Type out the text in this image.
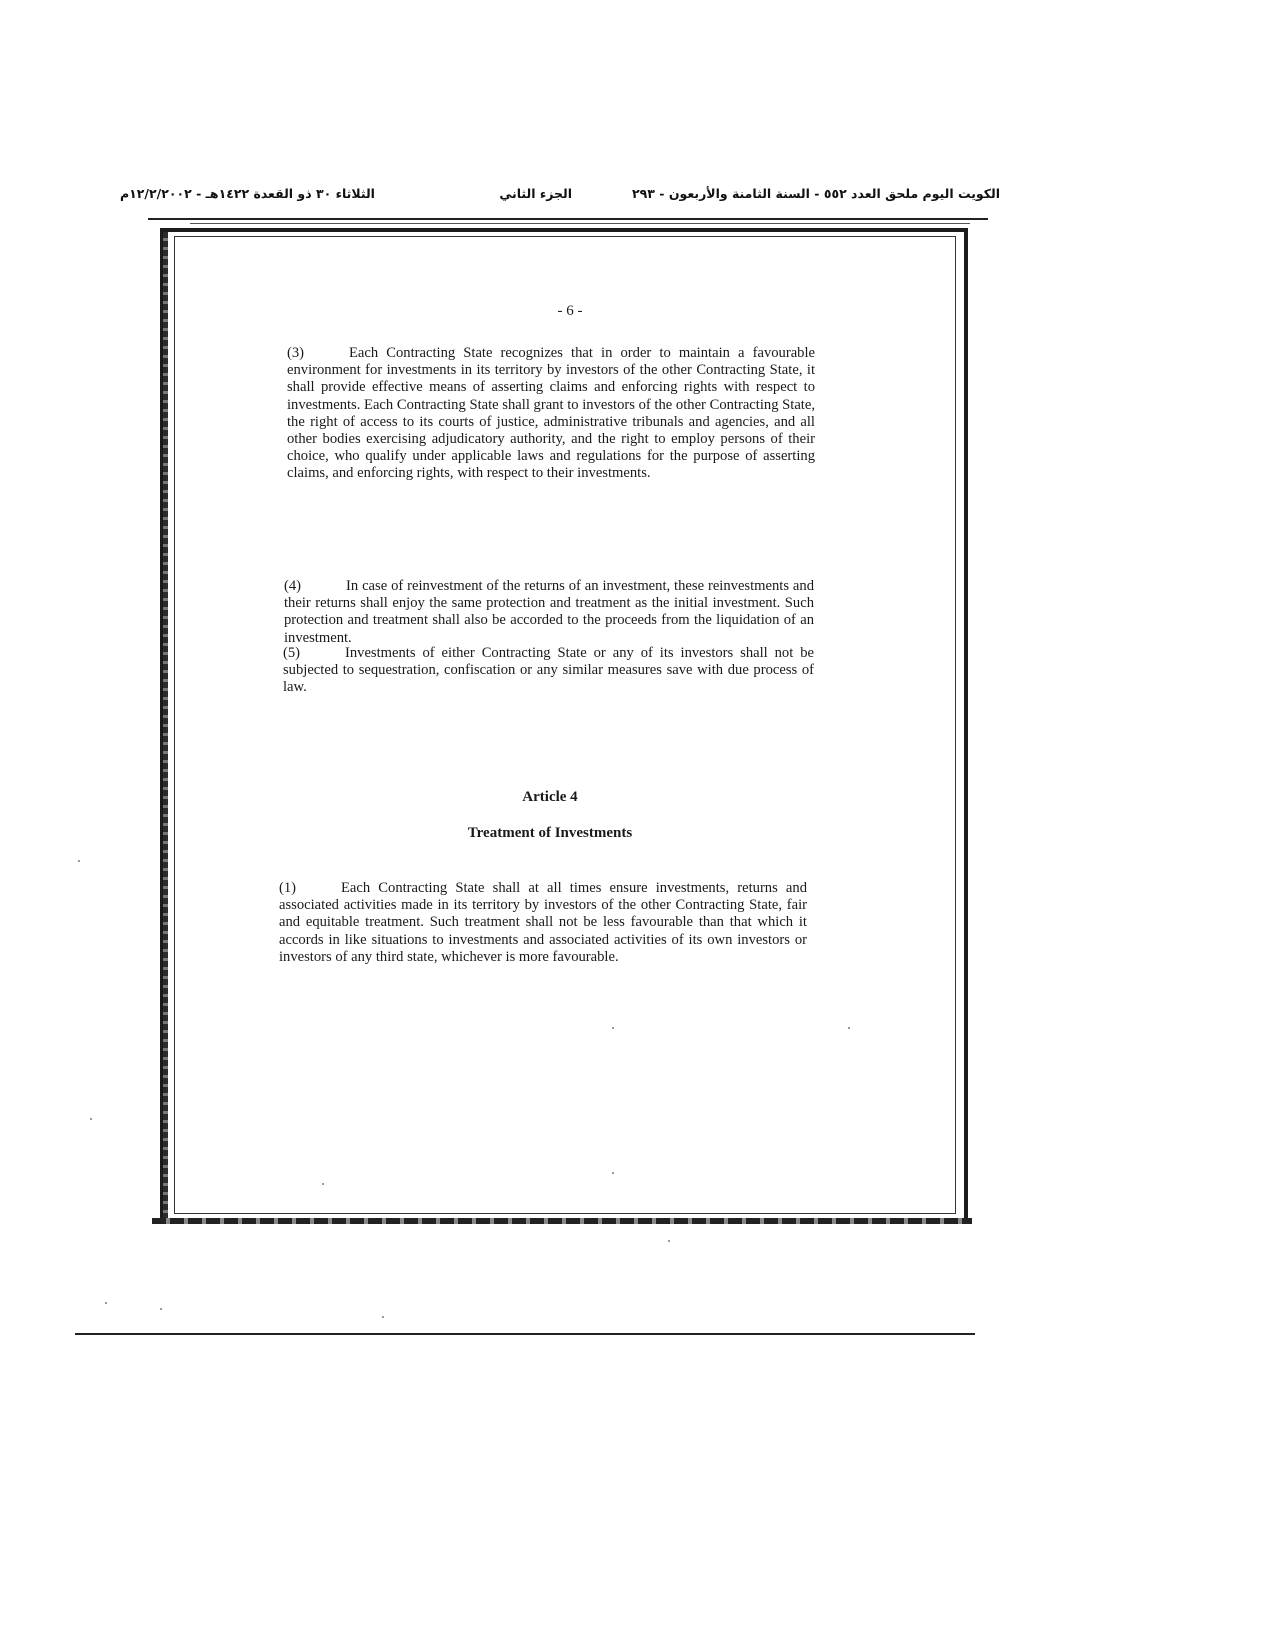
الكويت اليوم ملحق العدد ٥٥٢ - السنة الثامنة والأربعون - ٢٩٣
الجزء الثاني
الثلاثاء ٣٠ ذو القعدة ١٤٢٢هـ - ١٢/٢/٢٠٠٢م
- 6 -

(3)	Each Contracting State recognizes that in order to maintain a favourable environment for investments in its territory by investors of the other Contracting State, it shall provide effective means of asserting claims and enforcing rights with respect to investments. Each Contracting State shall grant to investors of the other Contracting State, the right of access to its courts of justice, administrative tribunals and agencies, and all other bodies exercising adjudicatory authority, and the right to employ persons of their choice, who qualify under applicable laws and regulations for the purpose of asserting claims, and enforcing rights, with respect to their investments.

(4)	In case of reinvestment of the returns of an investment, these reinvestments and their returns shall enjoy the same protection and treatment as the initial investment. Such protection and treatment shall also be accorded to the proceeds from the liquidation of an investment.

(5)	Investments of either Contracting State or any of its investors shall not be subjected to sequestration, confiscation or any similar measures save with due process of law.

Article 4
Treatment of Investments

(1)	Each Contracting State shall at all times ensure investments, returns and associated activities made in its territory by investors of the other Contracting State, fair and equitable treatment. Such treatment shall not be less favourable than that which it accords in like situations to investments and associated activities of its own investors or investors of any third state, whichever is more favourable.
